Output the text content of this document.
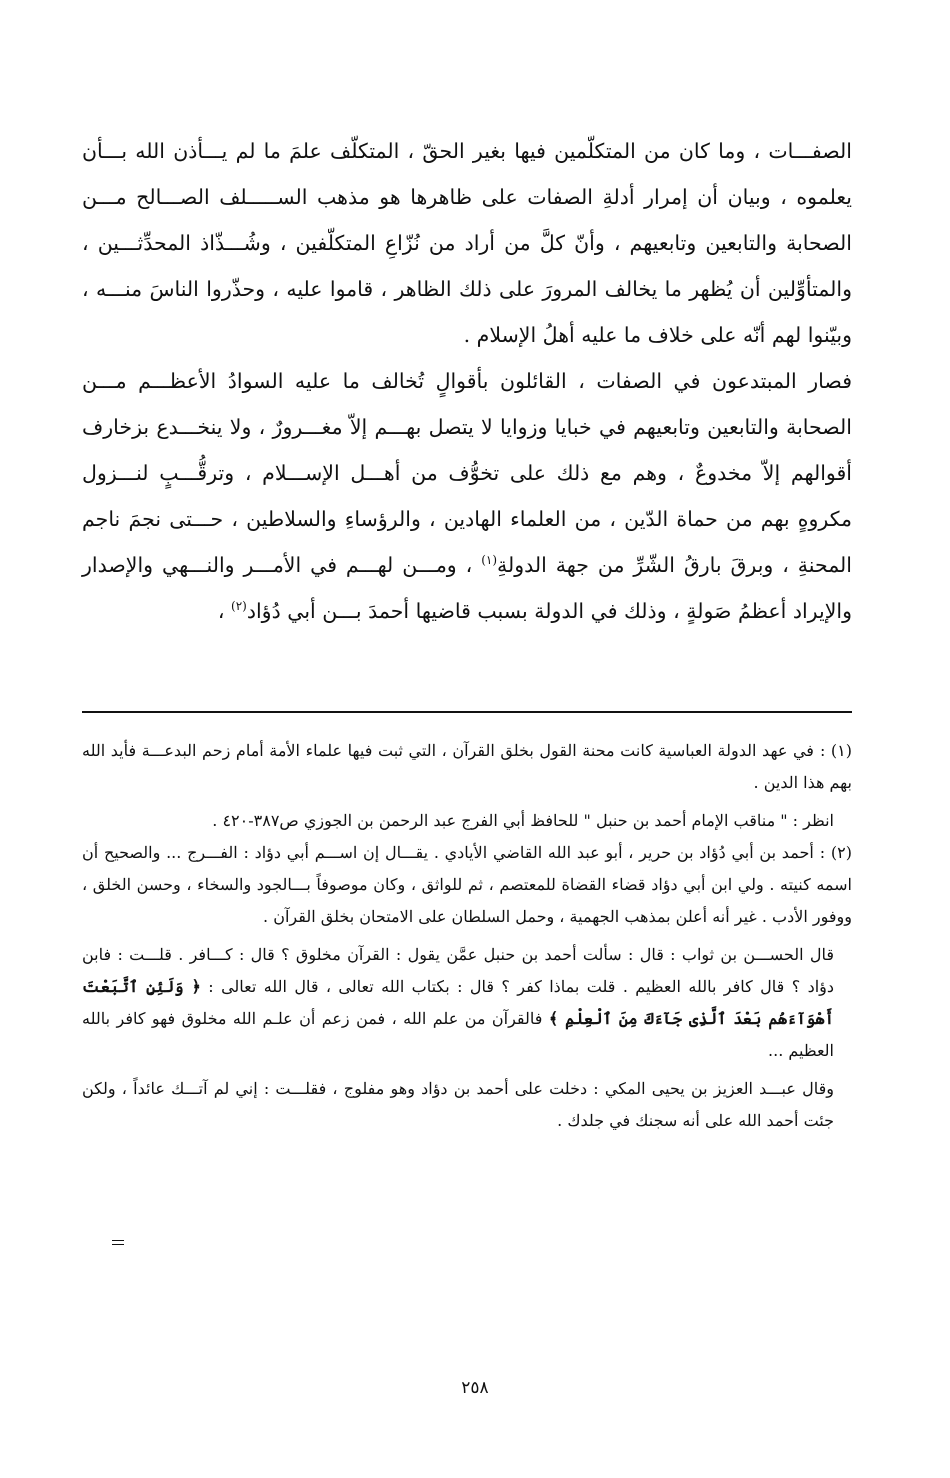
الصفـــات ، وما كان من المتكلّمين فيها بغير الحقّ ، المتكلّف علمَ ما لم يـــأذن الله بـــأن يعلموه ، وبيان أن إمرار أدلةِ الصفات على ظاهرها هو مذهب الســـــلف الصـــالح مـــن الصحابة والتابعين وتابعيهم ، وأنّ كلَّ من أراد من نُزّاعِ المتكلّفين ، وشُـــذّاذ المحدِّثـــين ، والمتأوِّلين أن يُظهر ما يخالف المرورَ على ذلك الظاهر ، قاموا عليه ، وحذّروا الناسَ منـــه ، وبيّنوا لهم أنّه على خلاف ما عليه أهلُ الإسلام .

فصار المبتدعون في الصفات ، القائلون بأقوالٍ تُخالف ما عليه السوادُ الأعظـــم مـــن الصحابة والتابعين وتابعيهم في خبايا وزوايا لا يتصل بهـــم إلاّ مغـــرورٌ ، ولا ينخـــدع بزخارف أقوالهم إلاّ مخدوعٌ ، وهم مع ذلك على تخوُّف من أهـــل الإســـلام ، وترقُّـــبٍ لنـــزول مكروهٍ بهم من حماة الدّين ، من العلماء الهادين ، والرؤساءِ والسلاطين ، حـــتى نجمَ ناجم المحنةِ ، وبرقَ بارقُ الشّرِّ من جهة الدولةِ$^{(١)}$ ، ومـــن لهـــم في الأمـــر والنـــهي والإصدار والإيراد أعظمُ صَولةٍ ، وذلك في الدولة بسبب قاضيها أحمدَ بـــن أبي دُؤاد$^{(٢)}$ ،

(١) :في عهد الدولة العباسية كانت محنة القول بخلق القرآن ، التي ثبت فيها علماء الأمة أمام زحم البدعـــة فأيد الله بهم هذا الدين .

انظر : " مناقب الإمام أحمد بن حنبل " للحافظ أبي الفرج عبد الرحمن بن الجوزي ص٣٨٧-٤٢٠ .

(٢) :أحمد بن أبي دُؤاد بن حرير ، أبو عبد الله القاضي الأيادي . يقـــال إن اســـم أبي دؤاد : الفـــرج ... والصحيح أن اسمه كنيته . ولي ابن أبي دؤاد قضاء القضاة للمعتصم ، ثم للواثق ، وكان موصوفاً بـــالجود والسخاء ، وحسن الخلق ، ووفور الأدب . غير أنه أعلن بمذهب الجهمية ، وحمل السلطان على الامتحان بخلق القرآن .

قال الحســـن بن ثواب : قال : سألت أحمد بن حنبل عمَّن يقول : القرآن مخلوق ؟ قال : كـــافر . قلـــت : فابن دؤاد ؟ قال كافر بالله العظيم . قلت بماذا كفر ؟ قال : بكتاب الله تعالى ، قال الله تعالى : ﴿ وَلَئِنِ ٱتَّبَعْتَ أَهْوَآءَهُم بَعْدَ ٱلَّذِى جَآءَكَ مِنَ ٱلْعِلْمِ ﴾ فالقرآن من علم الله ، فمن زعم أن علـم الله مخلوق فهو كافر بالله العظيم ...

وقال عبـــد العزيز بن يحيى المكي : دخلت على أحمد بن دؤاد وهو مفلوج ، فقلـــت : إني لم آتـــك عائداً ، ولكن جئت أحمد الله على أنه سجنك في جلدك .

٢٥٨
